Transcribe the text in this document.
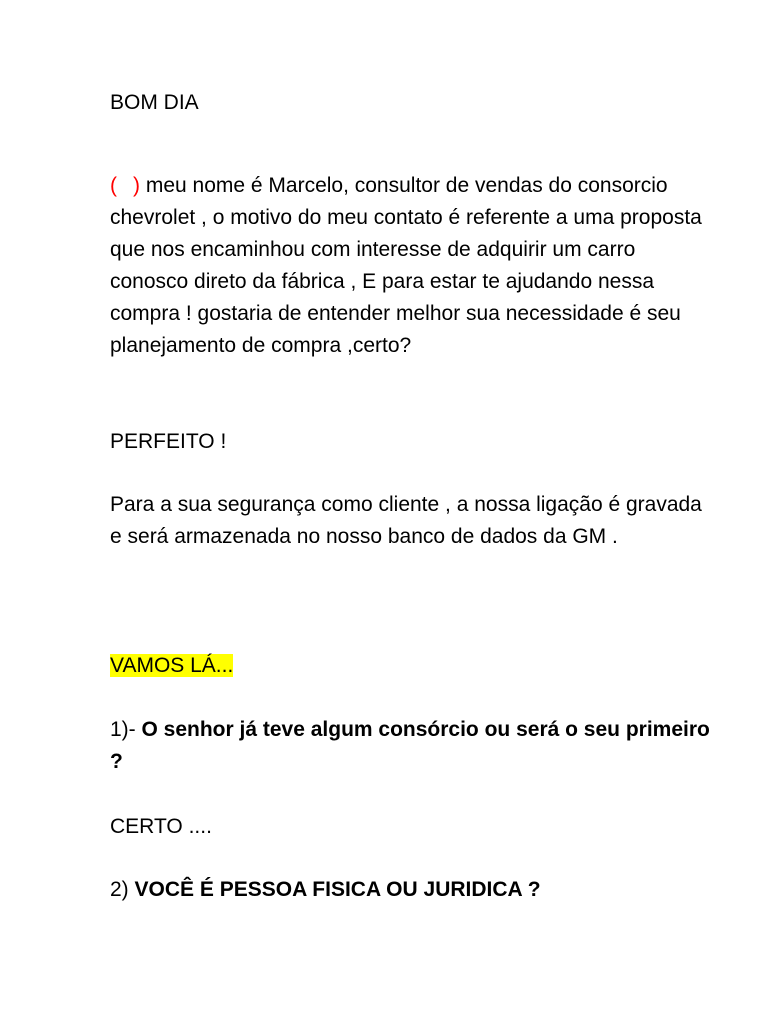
BOM DIA

( ) meu nome é Marcelo, consultor de vendas do consorcio chevrolet , o motivo do meu contato é referente a uma proposta que nos encaminhou com interesse de adquirir um carro conosco direto da fábrica , E para estar te ajudando nessa compra ! gostaria de entender melhor sua necessidade é seu planejamento de compra ,certo?

PERFEITO !

Para a sua segurança como cliente , a nossa ligação é gravada e será armazenada no nosso banco de dados da GM .

VAMOS LÁ...

1)- O senhor já teve algum consórcio ou será o seu primeiro ?

CERTO ....

2) VOCÊ É PESSOA FISICA OU JURIDICA ?
